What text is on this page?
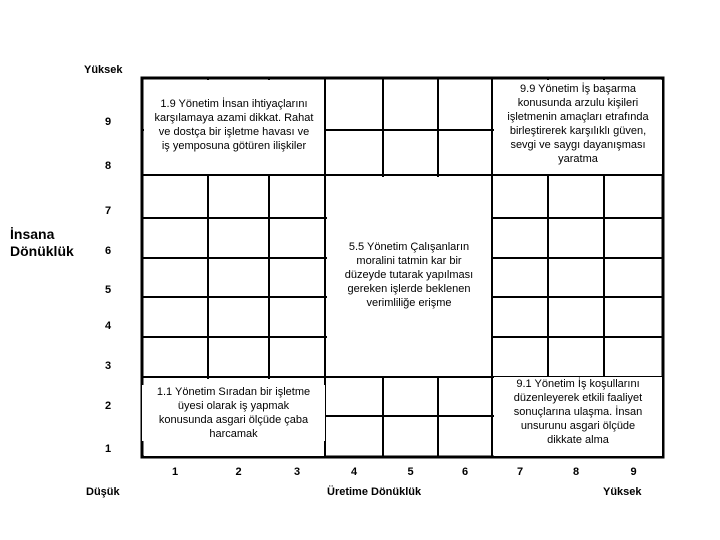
Yüksek
Düşük	Yüksek
Üretime Dönüklük
İnsana
Dönüklük
9
8
7
6
5
4
3
2
1
1	2	3	4	5	6	7	8	9
1.9 Yönetim İnsan ihtiyaçlarını
karşılamaya azami dikkat. Rahat
ve dostça bir işletme havası ve
iş yemposuna götüren ilişkiler
9.9 Yönetim İş başarma
konusunda arzulu kişileri
işletmenin amaçları etrafında
birleştirerek karşılıklı güven,
sevgi ve saygı dayanışması
yaratma
5.5 Yönetim Çalışanların
moralini tatmin kar bir
düzeyde tutarak yapılması
gereken işlerde beklenen
verimliliğe erişme
1.1 Yönetim Sıradan bir işletme
üyesi olarak iş yapmak
konusunda asgari ölçüde çaba
harcamak
9.1 Yönetim İş koşullarını
düzenleyerek etkili faaliyet
sonuçlarına ulaşma. İnsan
unsurunu asgari ölçüde
dikkate alma
